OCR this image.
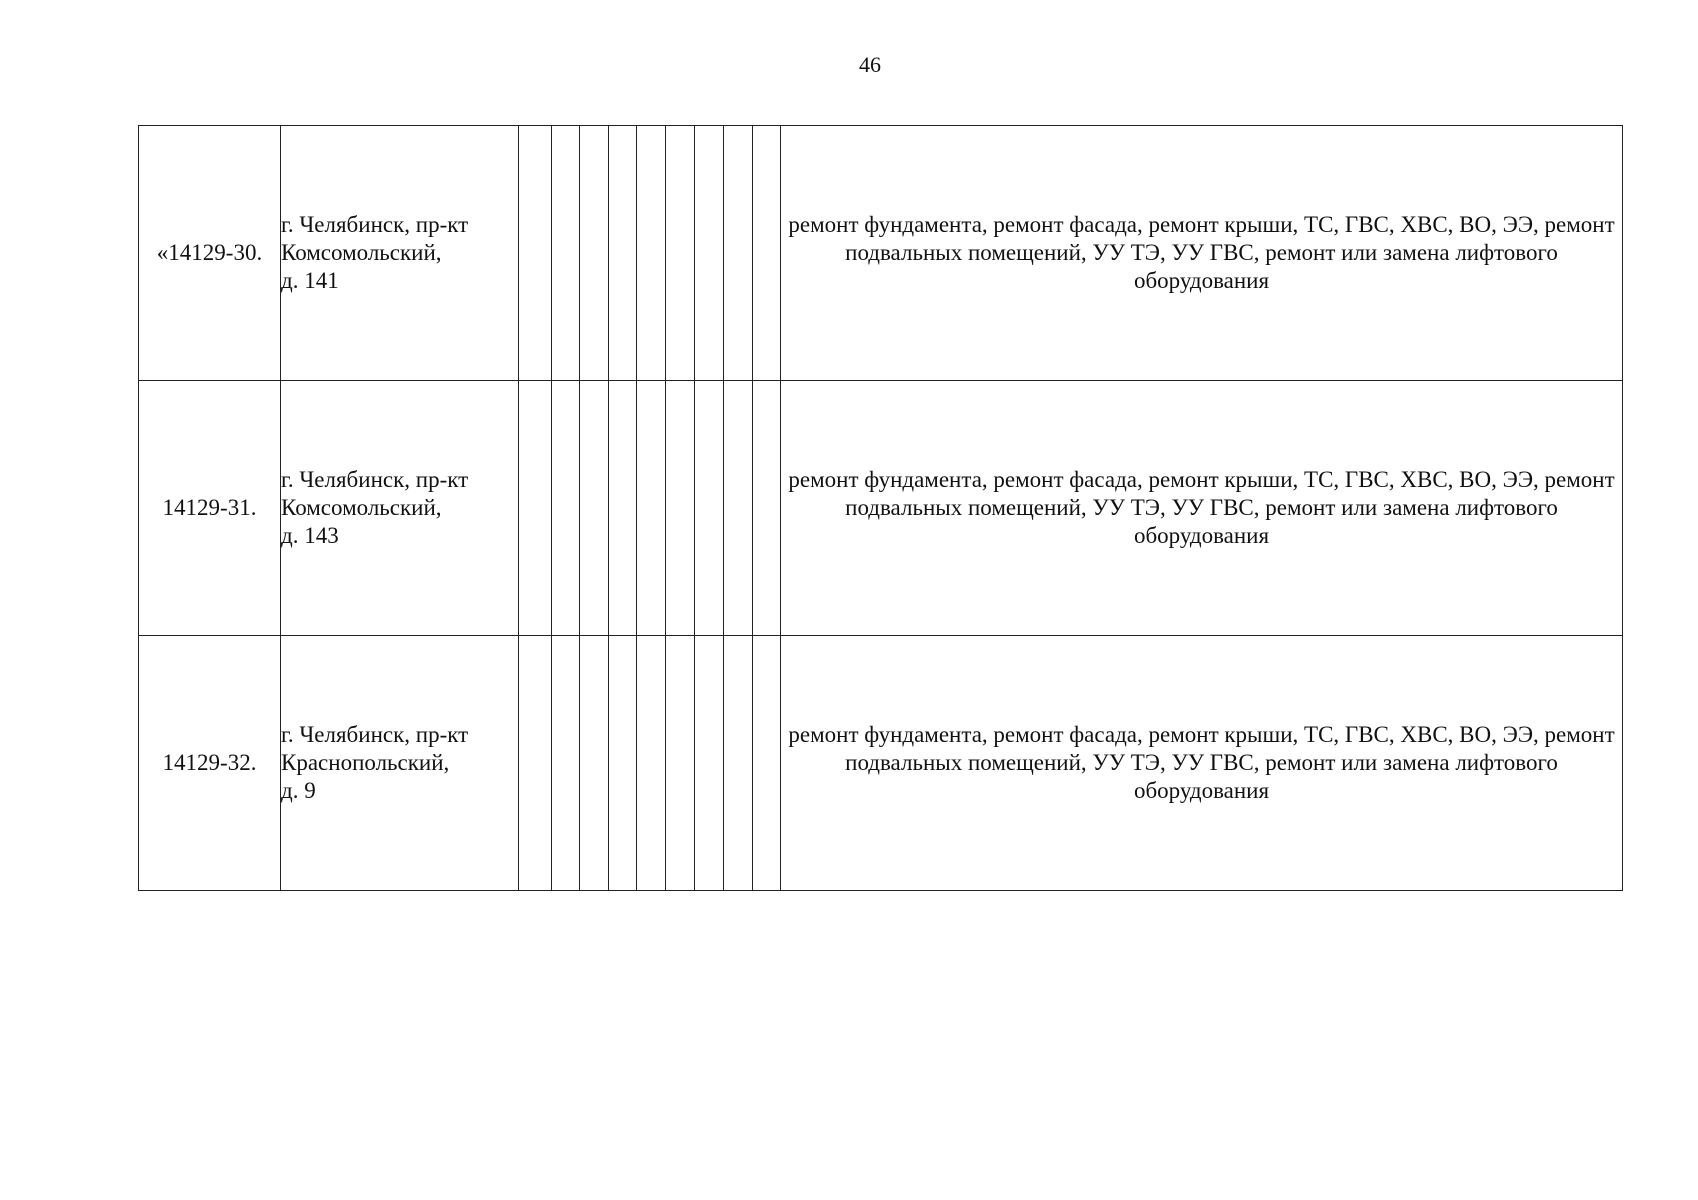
46
«14129-30.	г. Челябинск, пр-кт
Комсомольский,
д. 141										ремонт фундамента, ремонт фасада, ремонт крыши, ТС, ГВС, ХВС, ВО, ЭЭ, ремонт подвальных помещений, УУ ТЭ, УУ ГВС, ремонт или замена лифтового оборудования
14129-31.	г. Челябинск, пр-кт
Комсомольский,
д. 143										ремонт фундамента, ремонт фасада, ремонт крыши, ТС, ГВС, ХВС, ВО, ЭЭ, ремонт подвальных помещений, УУ ТЭ, УУ ГВС, ремонт или замена лифтового оборудования
14129-32.	г. Челябинск, пр-кт
Краснопольский,
д. 9										ремонт фундамента, ремонт фасада, ремонт крыши, ТС, ГВС, ХВС, ВО, ЭЭ, ремонт подвальных помещений, УУ ТЭ, УУ ГВС, ремонт или замена лифтового оборудования
